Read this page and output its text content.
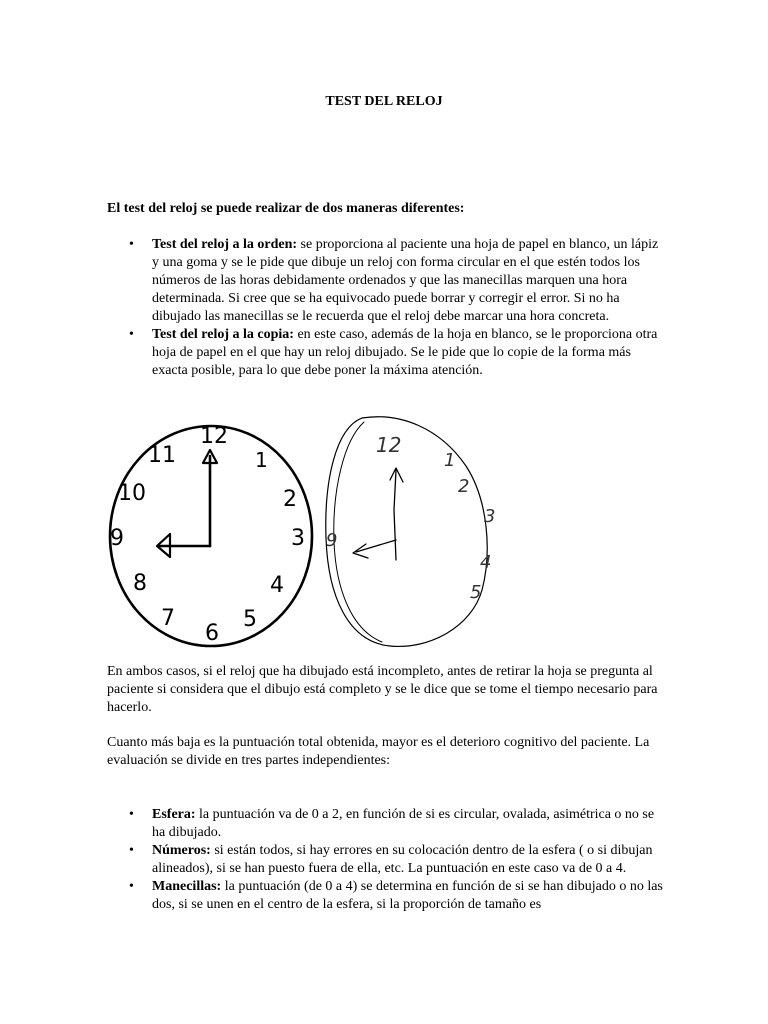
TEST DEL RELOJ
El test del reloj se puede realizar de dos maneras diferentes:
• Test del reloj a la orden: se proporciona al paciente una hoja de papel en blanco, un lápiz y una goma y se le pide que dibuje un reloj con forma circular en el que estén todos los números de las horas debidamente ordenados y que las manecillas marquen una hora determinada. Si cree que se ha equivocado puede borrar y corregir el error. Si no ha dibujado las manecillas se le recuerda que el reloj debe marcar una hora concreta.
• Test del reloj a la copia: en este caso, además de la hoja en blanco, se le proporciona otra hoja de papel en el que hay un reloj dibujado. Se le pide que lo copie de la forma más exacta posible, para lo que debe poner la máxima atención.
12
1
2
3
4
5
6
7
8
9
10
11	12
1
2
3
4
5
9
En ambos casos, si el reloj que ha dibujado está incompleto, antes de retirar la hoja se pregunta al paciente si considera que el dibujo está completo y se le dice que se tome el tiempo necesario para hacerlo.
Cuanto más baja es la puntuación total obtenida, mayor es el deterioro cognitivo del paciente. La evaluación se divide en tres partes independientes:
• Esfera: la puntuación va de 0 a 2, en función de si es circular, ovalada, asimétrica o no se ha dibujado.
• Números: si están todos, si hay errores en su colocación dentro de la esfera ( o si dibujan alineados), si se han puesto fuera de ella, etc. La puntuación en este caso va de 0 a 4.
• Manecillas: la puntuación (de 0 a 4) se determina en función de si se han dibujado o no las dos, si se unen en el centro de la esfera, si la proporción de tamaño es
